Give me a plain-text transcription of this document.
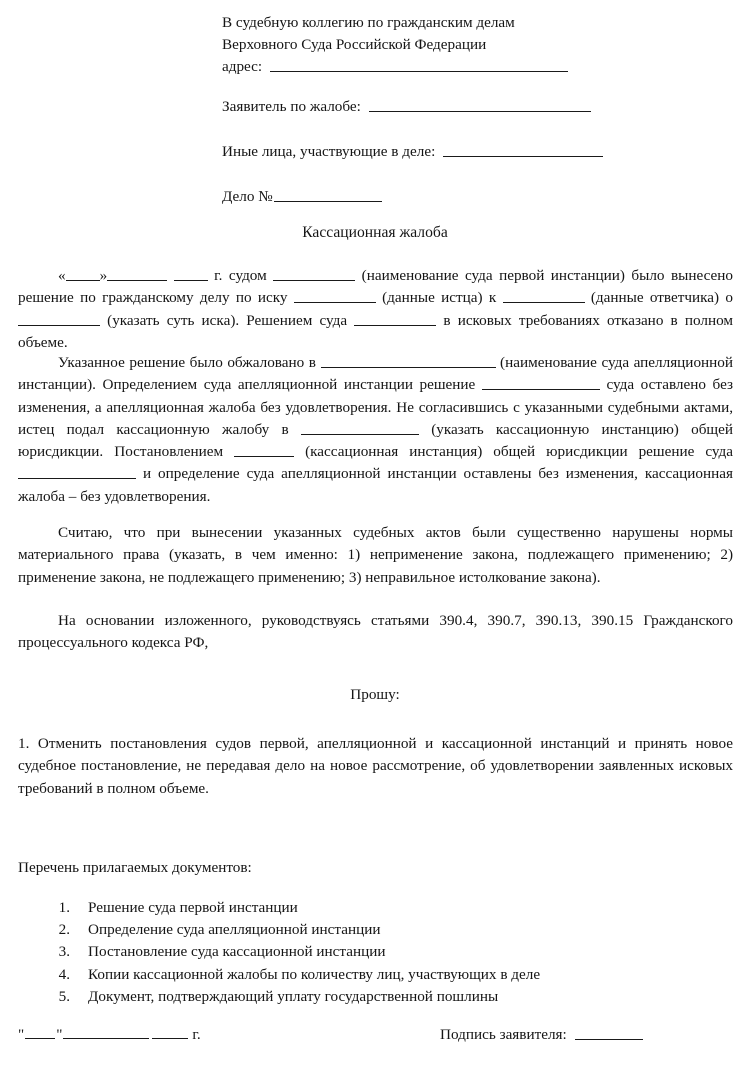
В судебную коллегию по гражданским делам
Верховного Суда Российской Федерации
адрес:
Заявитель по жалобе:
Иные лица, участвующие в деле:
Дело №
Кассационная жалоба

« »	г. судом	(наименование суда первой инстанции) было вынесено решение по гражданскому делу по иску	(данные истца) к	(данные ответчика) о  (указать суть иска). Решением суда	в исковых требованиях отказано в полном объеме.

Указанное решение было обжаловано в	(наименование суда апелляционной инстанции). Определением суда апелляционной инстанции решение	суда оставлено без изменения, а апелляционная жалоба без удовлетворения. Не согласившись с указанными судебными актами, истец подал кассационную жалобу в	(указать кассационную инстанцию) общей юрисдикции. Постановлением	(кассационная инстанция) общей юрисдикции решение суда  и определение суда апелляционной инстанции оставлены без изменения, кассационная жалоба – без удовлетворения.

Считаю, что при вынесении указанных судебных актов были существенно нарушены нормы материального права (указать, в чем именно: 1) неприменение закона, подлежащего применению; 2) применение закона, не подлежащего применению; 3) неправильное истолкование закона).

На основании изложенного, руководствуясь статьями 390.4, 390.7, 390.13, 390.15 Гражданского процессуального кодекса РФ,

Прошу:
1. Отменить постановления судов первой, апелляционной и кассационной инстанций и принять новое судебное постановление, не передавая дело на новое рассмотрение, об удовлетворении заявленных исковых требований в полном объеме.
Перечень прилагаемых документов:
1. Решение суда первой инстанции
2. Определение суда апелляционной инстанции
3. Постановление суда кассационной инстанции
4. Копии кассационной жалобы по количеству лиц, участвующих в деле
5. Документ, подтверждающий уплату государственной пошлины
" "	г.	Подпись заявителя:
